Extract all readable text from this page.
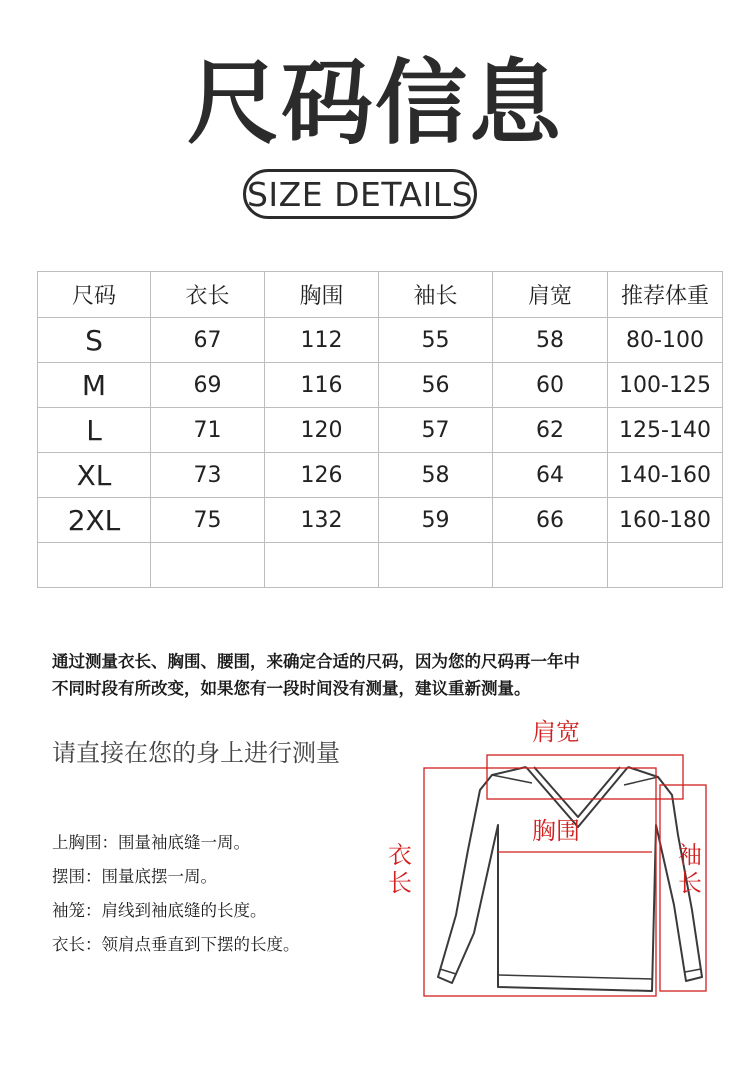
尺码信息
SIZE DETAILS
尺码	衣长	胸围	袖长	肩宽	推荐体重
S	67	112	55	58	80-100
M	69	116	56	60	100-125
L	71	120	57	62	125-140
XL	73	126	58	64	140-160
2XL	75	132	59	66	160-180

通过测量衣长、胸围、腰围，来确定合适的尺码，因为您的尺码再一年中
不同时段有所改变，如果您有一段时间没有测量，建议重新测量。
请直接在您的身上进行测量
上胸围：围量袖底缝一周。
摆围：围量底摆一周。
袖笼：肩线到袖底缝的长度。
衣长：领肩点垂直到下摆的长度。
肩宽
胸围
衣
长
袖
长
